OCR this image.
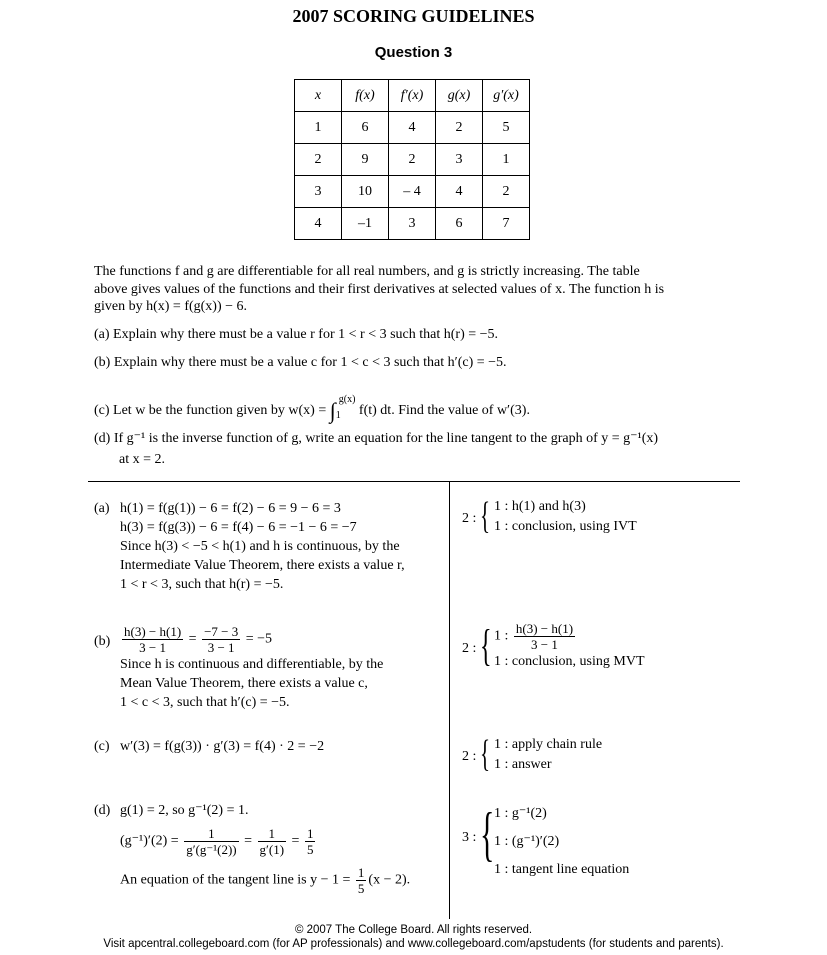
2007 SCORING GUIDELINES
Question 3
x	f(x)	f′(x)	g(x)	g′(x)
1	6	4	2	5
2	9	2	3	1
3	10	– 4	4	2
4	–1	3	6	7
The functions f and g are differentiable for all real numbers, and g is strictly increasing. The table
above gives values of the functions and their first derivatives at selected values of x. The function h is
given by h(x) = f(g(x)) − 6.
(a) Explain why there must be a value r for 1 < r < 3 such that h(r) = −5.
(b) Explain why there must be a value c for 1 < c < 3 such that h′(c) = −5.
(c) Let w be the function given by $w(x) = \int_1^{g(x)}$ f(t) dt. Find the value of w′(3).
(d) If g⁻¹ is the inverse function of g, write an equation for the line tangent to the graph of y = g⁻¹(x)
at x = 2.
(a) h(1) = f(g(1)) − 6 = f(2) − 6 = 9 − 6 = 3
h(3) = f(g(3)) − 6 = f(4) − 6 = −1 − 6 = −7
Since h(3) < −5 < h(1) and h is continuous, by the
Intermediate Value Theorem, there exists a value r,
1 < r < 3, such that h(r) = −5.
$(b) \frac{h(3) - h(1)}{3 - 1} = \frac{-7 - 3}{3 - 1} = -5$
Since h is continuous and differentiable, by the
Mean Value Theorem, there exists a value c,
1 < c < 3, such that h′(c) = −5.
(c) w′(3) = f(g(3)) · g′(3) = f(4) · 2 = −2
(d) g(1) = 2, so g⁻¹(2) = 1.
$(g^{-1})'(2) = \frac{1}{\text{g′(g⁻¹(2))}} = \frac{1}{g'(1)} = \frac{1}{5}$
An equation of the tangent line is $y - 1 = \frac{1}{5} (x - 2)$.
2 : { 1 : h(1) and h(3)
1 : conclusion, using IVT
2 : { 1 : $\frac{h(3) - h(1)}{3 - 1}$
1 : conclusion, using MVT
2 : { 1 : apply chain rule
1 : answer
3 : { 1 : g⁻¹(2)
1 : (g⁻¹)′(2)
1 : tangent line equation
© 2007 The College Board. All rights reserved.
Visit apcentral.collegeboard.com (for AP professionals) and www.collegeboard.com/apstudents (for students and parents).
